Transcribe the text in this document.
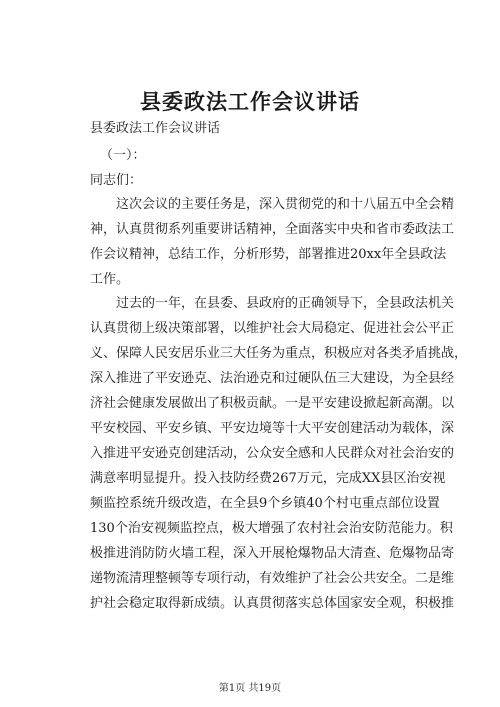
县委政法工作会议讲话
县委政法工作会议讲话
（一）：
同志们：
这次会议的主要任务是，深入贯彻党的和十八届五中全会精
神，认真贯彻系列重要讲话精神，全面落实中央和省市委政法工
作会议精神，总结工作，分析形势，部署推进20xx年全县政法
工作。
过去的一年，在县委、县政府的正确领导下，全县政法机关
认真贯彻上级决策部署，以维护社会大局稳定、促进社会公平正
义、保障人民安居乐业三大任务为重点，积极应对各类矛盾挑战，
深入推进了平安逊克、法治逊克和过硬队伍三大建设，为全县经
济社会健康发展做出了积极贡献。一是平安建设掀起新高潮。以
平安校园、平安乡镇、平安边境等十大平安创建活动为载体，深
入推进平安逊克创建活动，公众安全感和人民群众对社会治安的
满意率明显提升。投入技防经费267万元，完成XX县区治安视
频监控系统升级改造，在全县9个乡镇40个村屯重点部位设置
130个治安视频监控点，极大增强了农村社会治安防范能力。积
极推进消防防火墙工程，深入开展枪爆物品大清查、危爆物品寄
递物流清理整顿等专项行动，有效维护了社会公共安全。二是维
护社会稳定取得新成绩。认真贯彻落实总体国家安全观，积极推
第1页 共19页
